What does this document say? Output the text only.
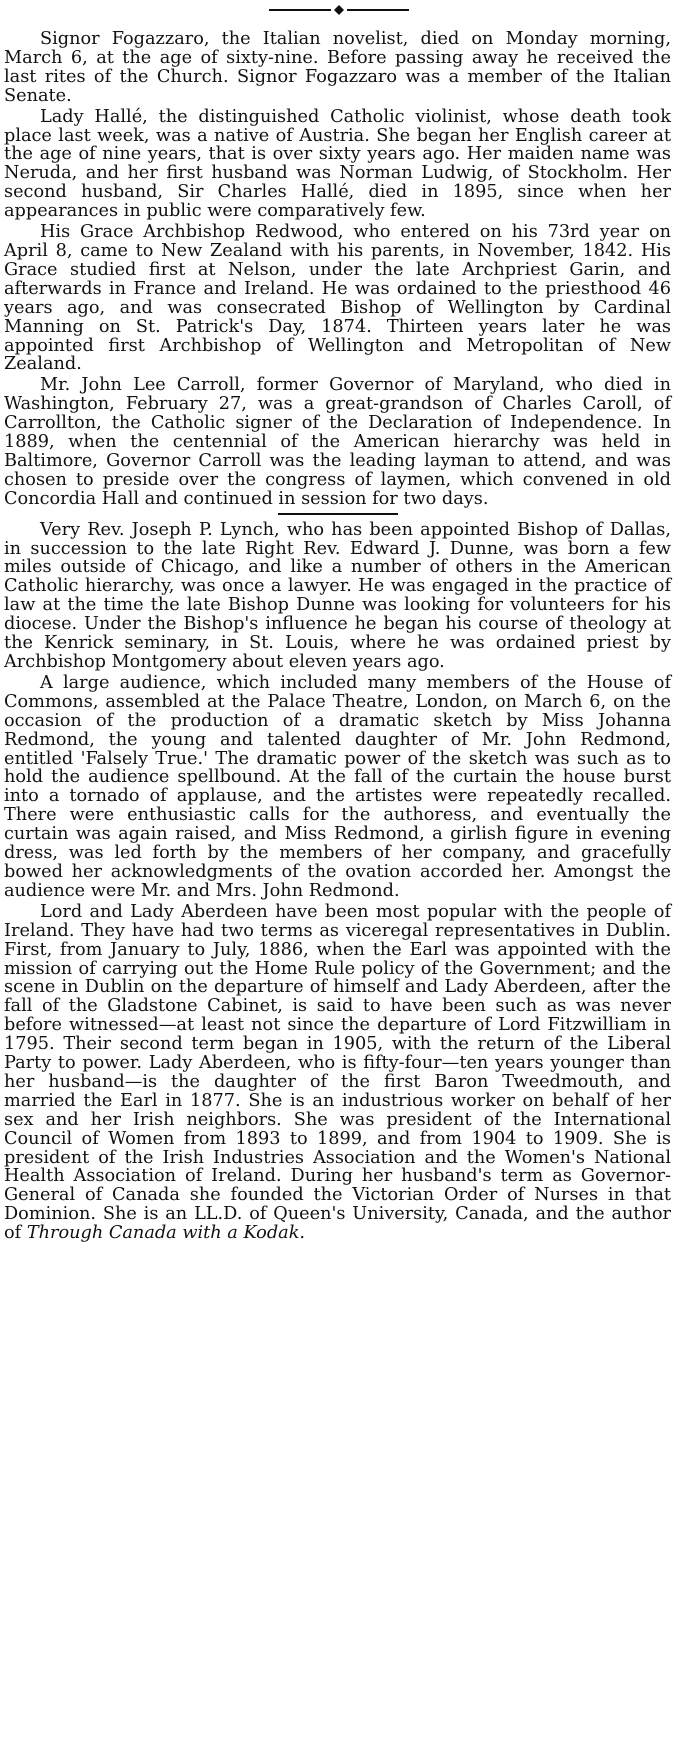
Signor Fogazzaro, the Italian novelist, died on Monday morning, March 6, at the age of sixty-nine. Before passing away he received the last rites of the Church. Signor Fogazzaro was a member of the Italian Senate.

Lady Hallé, the distinguished Catholic violinist, whose death took place last week, was a native of Austria. She began her English career at the age of nine years, that is over sixty years ago. Her maiden name was Neruda, and her first husband was Norman Ludwig, of Stockholm. Her second husband, Sir Charles Hallé, died in 1895, since when her appearances in public were comparatively few.

His Grace Archbishop Redwood, who entered on his 73rd year on April 8, came to New Zealand with his parents, in November, 1842. His Grace studied first at Nelson, under the late Archpriest Garin, and afterwards in France and Ireland. He was ordained to the priesthood 46 years ago, and was consecrated Bishop of Wellington by Cardinal Manning on St. Patrick's Day, 1874. Thirteen years later he was appointed first Archbishop of Wellington and Metropolitan of New Zealand.

Mr. John Lee Carroll, former Governor of Maryland, who died in Washington, February 27, was a great-grandson of Charles Caroll, of Carrollton, the Catholic signer of the Declaration of Independence. In 1889, when the centennial of the American hierarchy was held in Baltimore, Governor Carroll was the leading layman to attend, and was chosen to preside over the congress of laymen, which convened in old Concordia Hall and continued in session for two days.

Very Rev. Joseph P. Lynch, who has been appointed Bishop of Dallas, in succession to the late Right Rev. Edward J. Dunne, was born a few miles outside of Chicago, and like a number of others in the American Catholic hierarchy, was once a lawyer. He was engaged in the practice of law at the time the late Bishop Dunne was looking for volunteers for his diocese. Under the Bishop's influence he began his course of theology at the Kenrick seminary, in St. Louis, where he was ordained priest by Archbishop Montgomery about eleven years ago.

A large audience, which included many members of the House of Commons, assembled at the Palace Theatre, London, on March 6, on the occasion of the production of a dramatic sketch by Miss Johanna Redmond, the young and talented daughter of Mr. John Redmond, entitled 'Falsely True.' The dramatic power of the sketch was such as to hold the audience spellbound. At the fall of the curtain the house burst into a tornado of applause, and the artistes were repeatedly recalled. There were enthusiastic calls for the authoress, and eventually the curtain was again raised, and Miss Redmond, a girlish figure in evening dress, was led forth by the members of her company, and gracefully bowed her acknowledgments of the ovation accorded her. Amongst the audience were Mr. and Mrs. John Redmond.

Lord and Lady Aberdeen have been most popular with the people of Ireland. They have had two terms as viceregal representatives in Dublin. First, from January to July, 1886, when the Earl was appointed with the mission of carrying out the Home Rule policy of the Government; and the scene in Dublin on the departure of himself and Lady Aberdeen, after the fall of the Gladstone Cabinet, is said to have been such as was never before witnessed—at least not since the departure of Lord Fitzwilliam in 1795. Their second term began in 1905, with the return of the Liberal Party to power. Lady Aberdeen, who is fifty-four—ten years younger than her husband—is the daughter of the first Baron Tweedmouth, and married the Earl in 1877. She is an industrious worker on behalf of her sex and her Irish neighbors. She was president of the International Council of Women from 1893 to 1899, and from 1904 to 1909. She is president of the Irish Industries Association and the Women's National Health Association of Ireland. During her husband's term as Governor-General of Canada she founded the Victorian Order of Nurses in that Dominion. She is an LL.D. of Queen's University, Canada, and the author of Through Canada with a Kodak.
